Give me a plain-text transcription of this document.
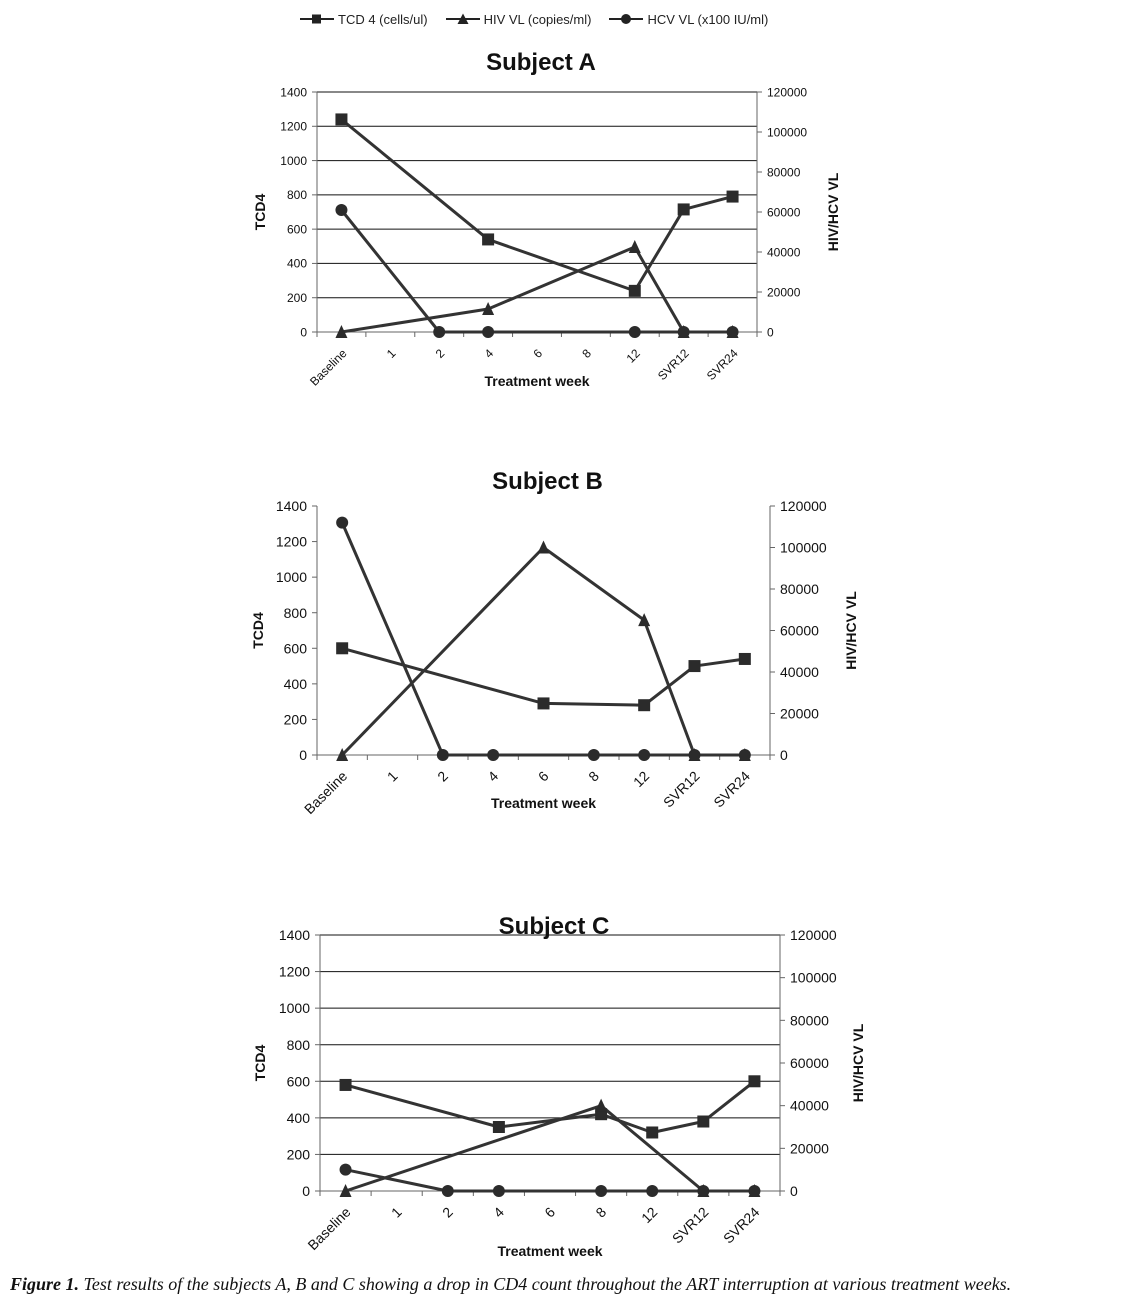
TCD 4 (cells/ul)	HIV VL (copies/ml)	HCV VL (x100 IU/ml)
0
200
400
600
800
1000
1200
1400
0
20000
40000
60000
80000
100000
120000
Baseline	1	2	4	6	8 12 SVR12 SVR24
Subject A
Treatment week
TCD4	HIV/HCV VL
0
200
400
600
800
1000
1200
1400
0
20000
40000
60000
80000
100000
120000
Baseline 1 2 4 6 8 12 SVR12 SVR24
Subject B
Treatment week
TCD4	HIV/HCV VL
0
200
400
600
800
1000
1200
1400
0
20000
40000
60000
80000
100000
120000
Baseline 1 2 4 6 8 12 SVR12 SVR24
Subject C
Treatment week
TCD4	HIV/HCV VL
Figure 1. Test results of the subjects A, B and C showing a drop in CD4 count throughout the ART interruption at various treatment weeks.
